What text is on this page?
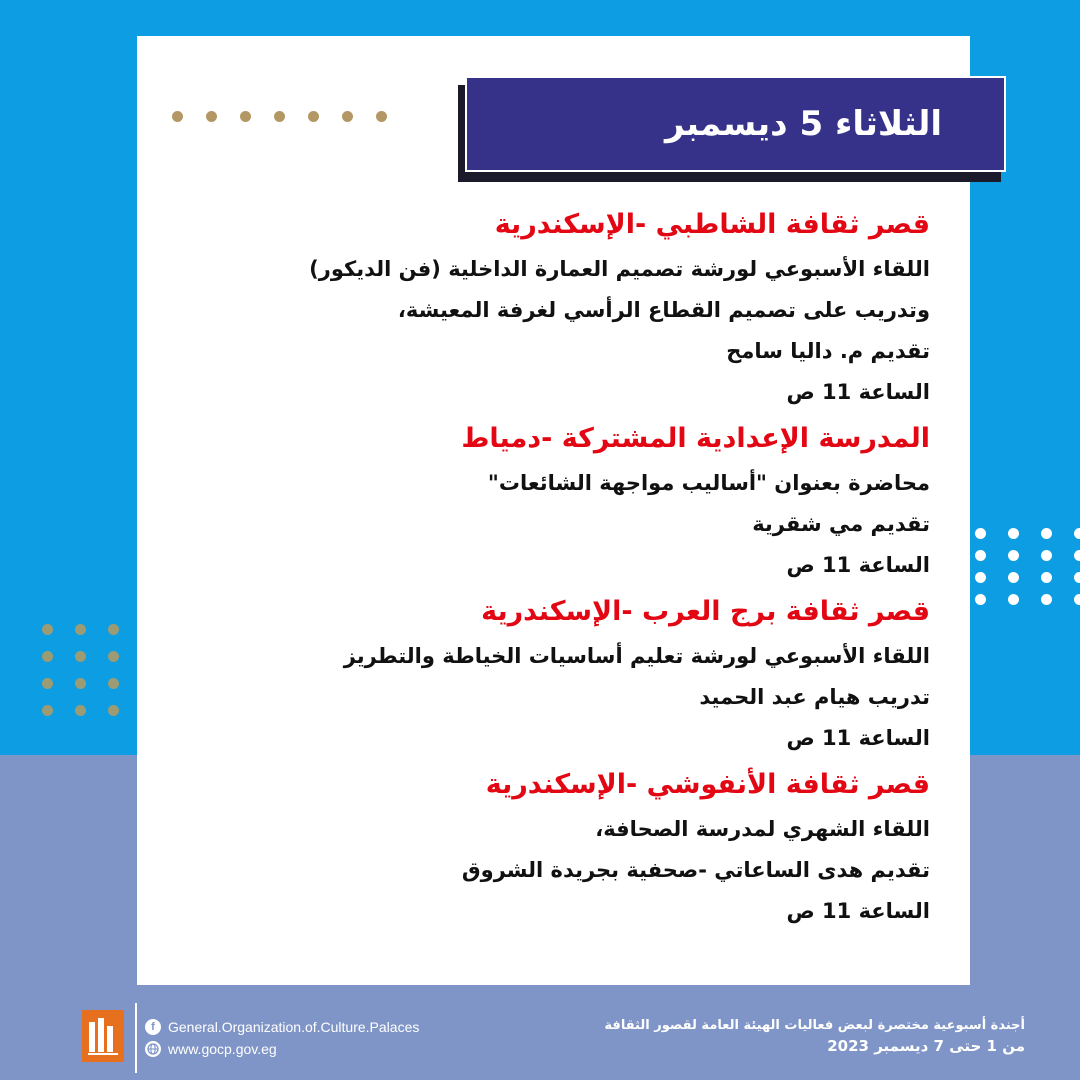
الثلاثاء 5 ديسمبر
قصر ثقافة الشاطبي -الإسكندرية
اللقاء الأسبوعي لورشة تصميم العمارة الداخلية (فن الديكور)
وتدريب على تصميم القطاع الرأسي لغرفة المعيشة،
تقديم م. داليا سامح
الساعة 11 ص
المدرسة الإعدادية المشتركة -دمياط
محاضرة بعنوان "أساليب مواجهة الشائعات"
تقديم مي شقرية
الساعة 11 ص
قصر ثقافة برج العرب -الإسكندرية
اللقاء الأسبوعي لورشة تعليم أساسيات الخياطة والتطريز
تدريب هيام عبد الحميد
الساعة 11 ص
قصر ثقافة الأنفوشي -الإسكندرية
اللقاء الشهري لمدرسة الصحافة،
تقديم هدى الساعاتي -صحفية بجريدة الشروق
الساعة 11 ص
f General.Organization.of.Culture.Palaces
www.gocp.gov.eg
أجندة أسبوعية مختصرة لبعض فعاليات الهيئة العامة لقصور الثقافة
من 1 حتى 7 ديسمبر 2023
